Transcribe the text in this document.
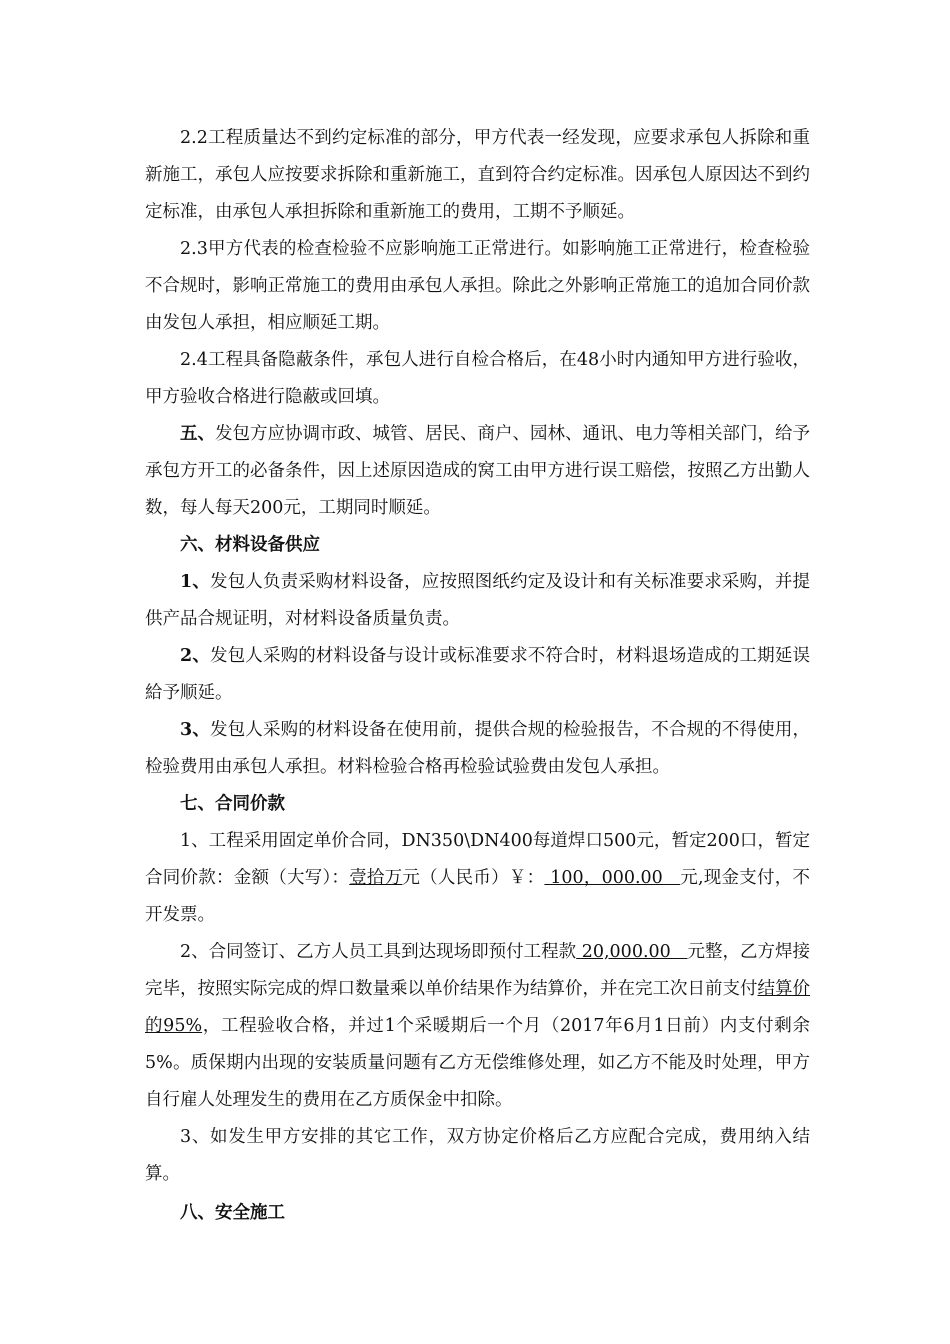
2.2工程质量达不到约定标准的部分，甲方代表一经发现，应要求承包人拆除和重新施工，承包人应按要求拆除和重新施工，直到符合约定标准。因承包人原因达不到约定标准，由承包人承担拆除和重新施工的费用，工期不予顺延。

2.3甲方代表的检查检验不应影响施工正常进行。如影响施工正常进行，检查检验不合规时，影响正常施工的费用由承包人承担。除此之外影响正常施工的追加合同价款由发包人承担，相应顺延工期。

2.4工程具备隐蔽条件，承包人进行自检合格后，在48小时内通知甲方进行验收，甲方验收合格进行隐蔽或回填。

五、发包方应协调市政、城管、居民、商户、园林、通讯、电力等相关部门，给予承包方开工的必备条件，因上述原因造成的窝工由甲方进行误工赔偿，按照乙方出勤人数，每人每天200元，工期同时顺延。

六、材料设备供应

1、发包人负责采购材料设备，应按照图纸约定及设计和有关标准要求采购，并提供产品合规证明，对材料设备质量负责。

2、发包人采购的材料设备与设计或标准要求不符合时，材料退场造成的工期延误給予顺延。

3、发包人采购的材料设备在使用前，提供合规的检验报告，不合规的不得使用，检验费用由承包人承担。材料检验合格再检验试验费由发包人承担。

七、合同价款

1、工程采用固定单价合同，DN350\DN400每道焊口500元，暂定200口，暂定合同价款：金额（大写）：壹拾万元（人民币）￥： 100，000.00   元,现金支付，不开发票。

2、合同签订、乙方人员工具到达现场即预付工程款 20,000.00   元整，乙方焊接完毕，按照实际完成的焊口数量乘以单价结果作为结算价，并在完工次日前支付结算价的95%，工程验收合格，并过1个采暖期后一个月（2017年6月1日前）内支付剩余5%。质保期内出现的安装质量问题有乙方无偿维修处理，如乙方不能及时处理，甲方自行雇人处理发生的费用在乙方质保金中扣除。

3、如发生甲方安排的其它工作，双方协定价格后乙方应配合完成，费用纳入结算。

八、安全施工
